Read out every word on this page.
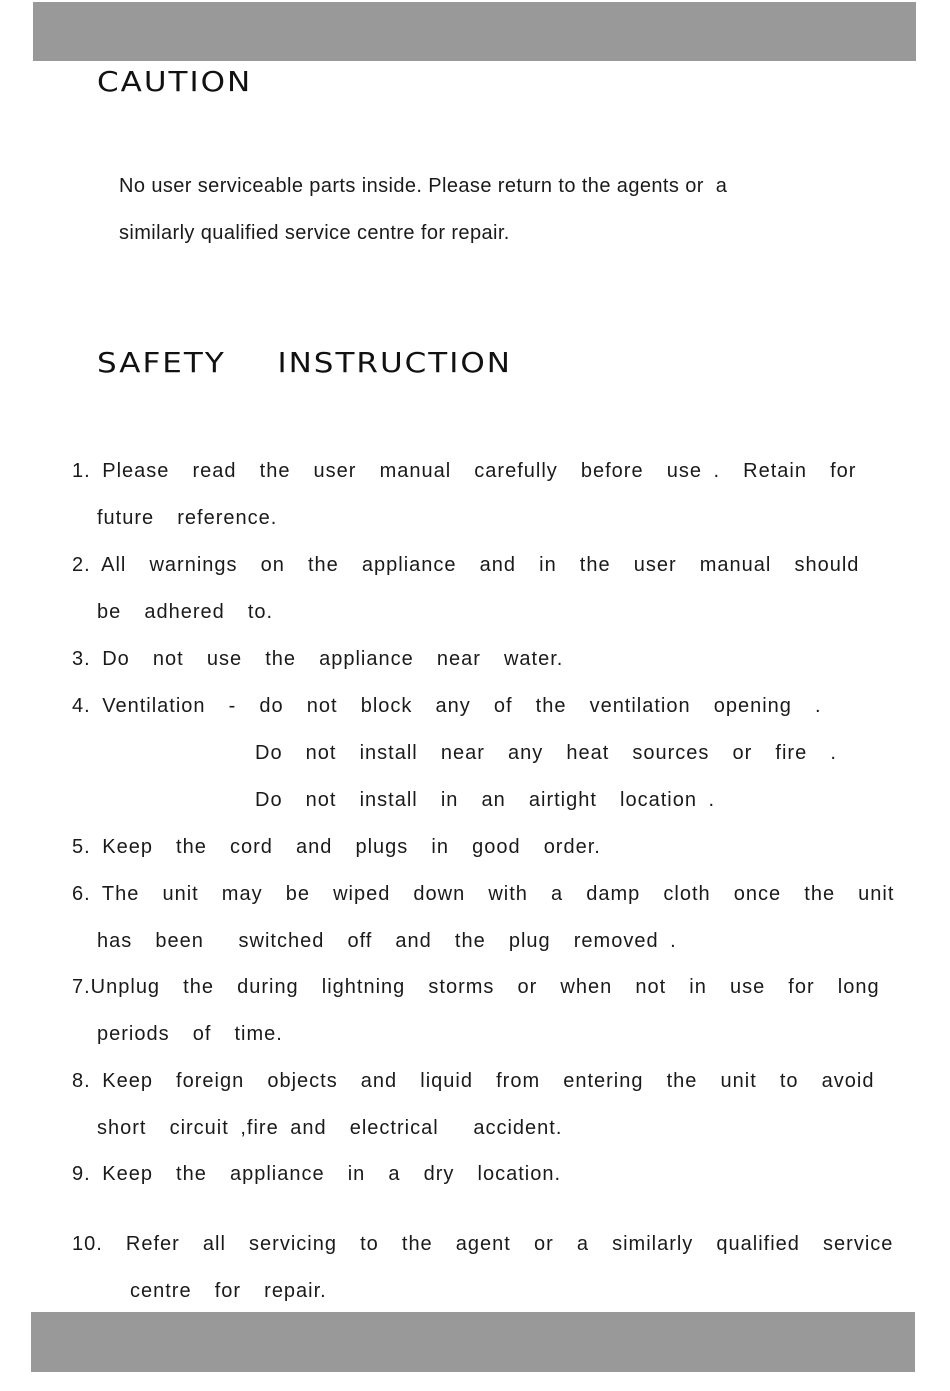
CAUTION

No user serviceable parts inside. Please return to the agents or  a

similarly qualified service centre for repair.

SAFETY  INSTRUCTION

1. Please  read  the  user  manual  carefully  before  use .  Retain  for

future  reference.

2. All  warnings  on  the  appliance  and  in  the  user  manual  should

be  adhered  to.

3. Do  not  use  the  appliance  near  water.

4. Ventilation  -  do  not  block  any  of  the  ventilation  opening  .

Do  not  install  near  any  heat  sources  or  fire  .

Do  not  install  in  an  airtight  location .

5. Keep  the  cord  and  plugs  in  good  order.

6. The  unit  may  be  wiped  down  with  a  damp  cloth  once  the  unit

has  been   switched  off  and  the  plug  removed .

7.Unplug  the  during  lightning  storms  or  when  not  in  use  for  long

periods  of  time.

8. Keep  foreign  objects  and  liquid  from  entering  the  unit  to  avoid

short  circuit ,fire and  electrical   accident.

9. Keep  the  appliance  in  a  dry  location.

10.  Refer  all  servicing  to  the  agent  or  a  similarly  qualified  service

centre  for  repair.
